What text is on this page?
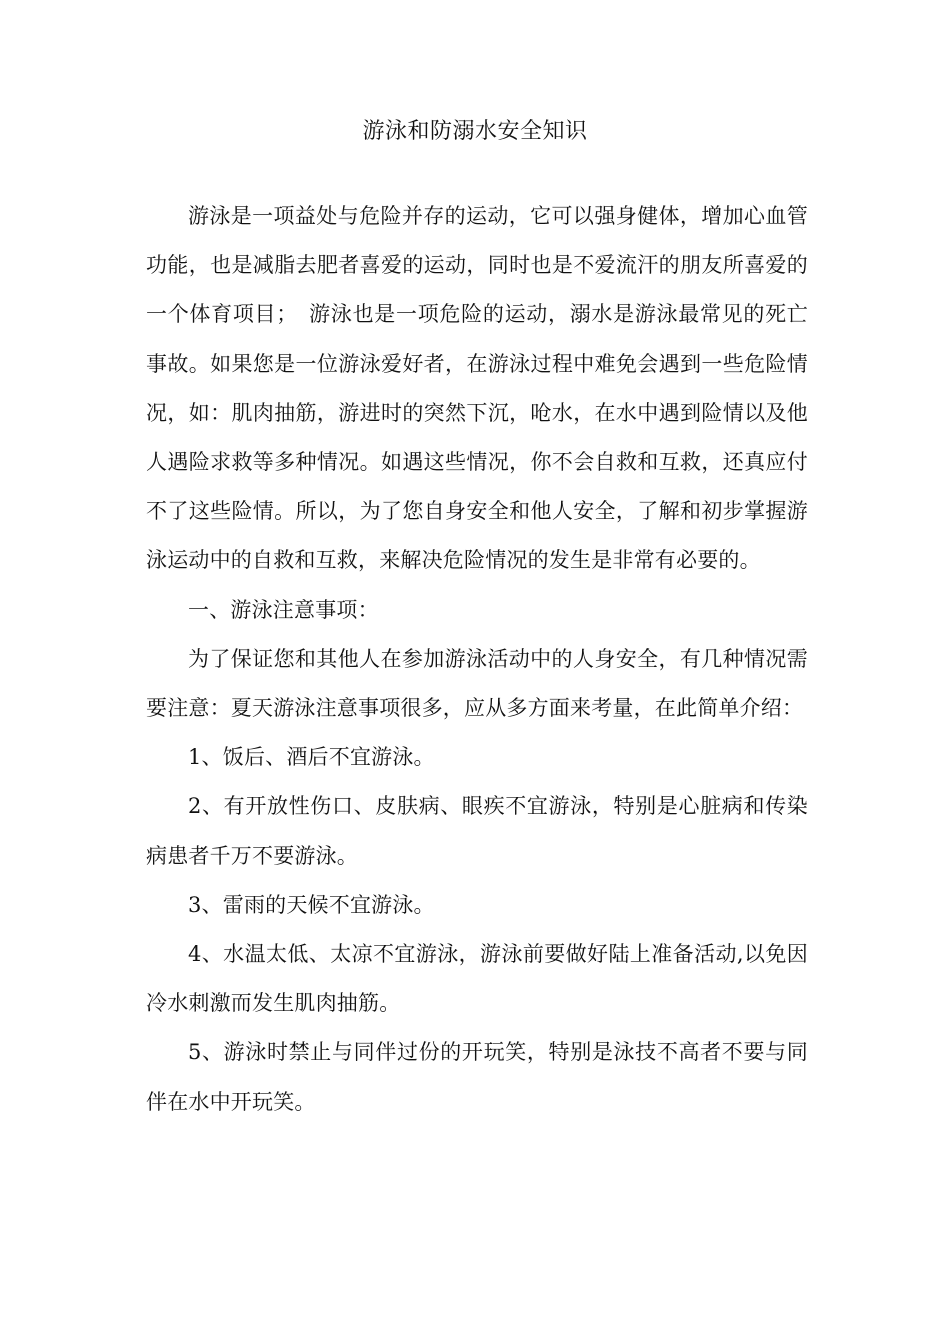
游泳和防溺水安全知识

游泳是一项益处与危险并存的运动，它可以强身健体，增加心血管功能，也是减脂去肥者喜爱的运动，同时也是不爱流汗的朋友所喜爱的一个体育项目；　游泳也是一项危险的运动，溺水是游泳最常见的死亡事故。如果您是一位游泳爱好者，在游泳过程中难免会遇到一些危险情况，如：肌肉抽筋，游进时的突然下沉，呛水，在水中遇到险情以及他人遇险求救等多种情况。如遇这些情况，你不会自救和互救，还真应付不了这些险情。所以，为了您自身安全和他人安全，了解和初步掌握游泳运动中的自救和互救，来解决危险情况的发生是非常有必要的。

一、游泳注意事项：

为了保证您和其他人在参加游泳活动中的人身安全，有几种情况需要注意：夏天游泳注意事项很多，应从多方面来考量，在此简单介绍：

1、饭后、酒后不宜游泳。

2、有开放性伤口、皮肤病、眼疾不宜游泳，特别是心脏病和传染病患者千万不要游泳。

3、雷雨的天候不宜游泳。

4、水温太低、太凉不宜游泳，游泳前要做好陆上准备活动,以免因冷水刺激而发生肌肉抽筋。

5、游泳时禁止与同伴过份的开玩笑，特别是泳技不高者不要与同伴在水中开玩笑。
